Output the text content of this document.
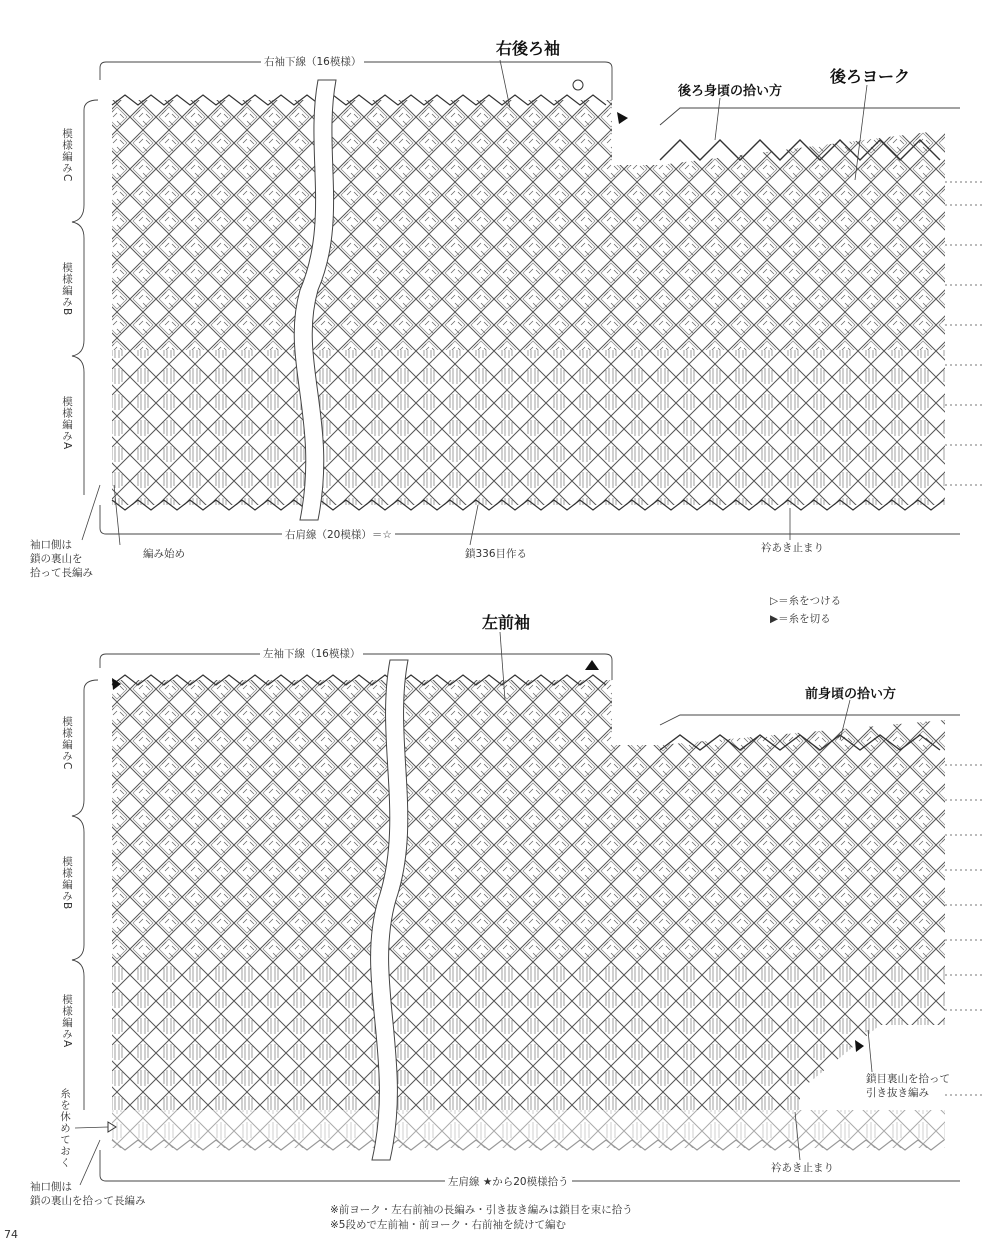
右後ろ袖
後ろ身頃の拾い方
後ろヨーク
右袖下線（16模様）
右肩線（20模様）＝☆
鎖336目作る	衿あき止まり
編み始め
袖口側は
鎖の裏山を
拾って長編み
模様編みC
模様編みB
模様編みA
▷＝糸をつける
▶＝糸を切る
左前袖
前身頃の拾い方
左袖下線（16模様）
左肩線 ★から20模様拾う
衿あき止まり
鎖目裏山を拾って
引き抜き編み
糸を休めておく
袖口側は
鎖の裏山を拾って長編み
模様編みC
模様編みB
模様編みA
※前ヨーク・左右前袖の長編み・引き抜き編みは鎖目を束に拾う
※5段めで左前袖・前ヨーク・右前袖を続けて編む
74
